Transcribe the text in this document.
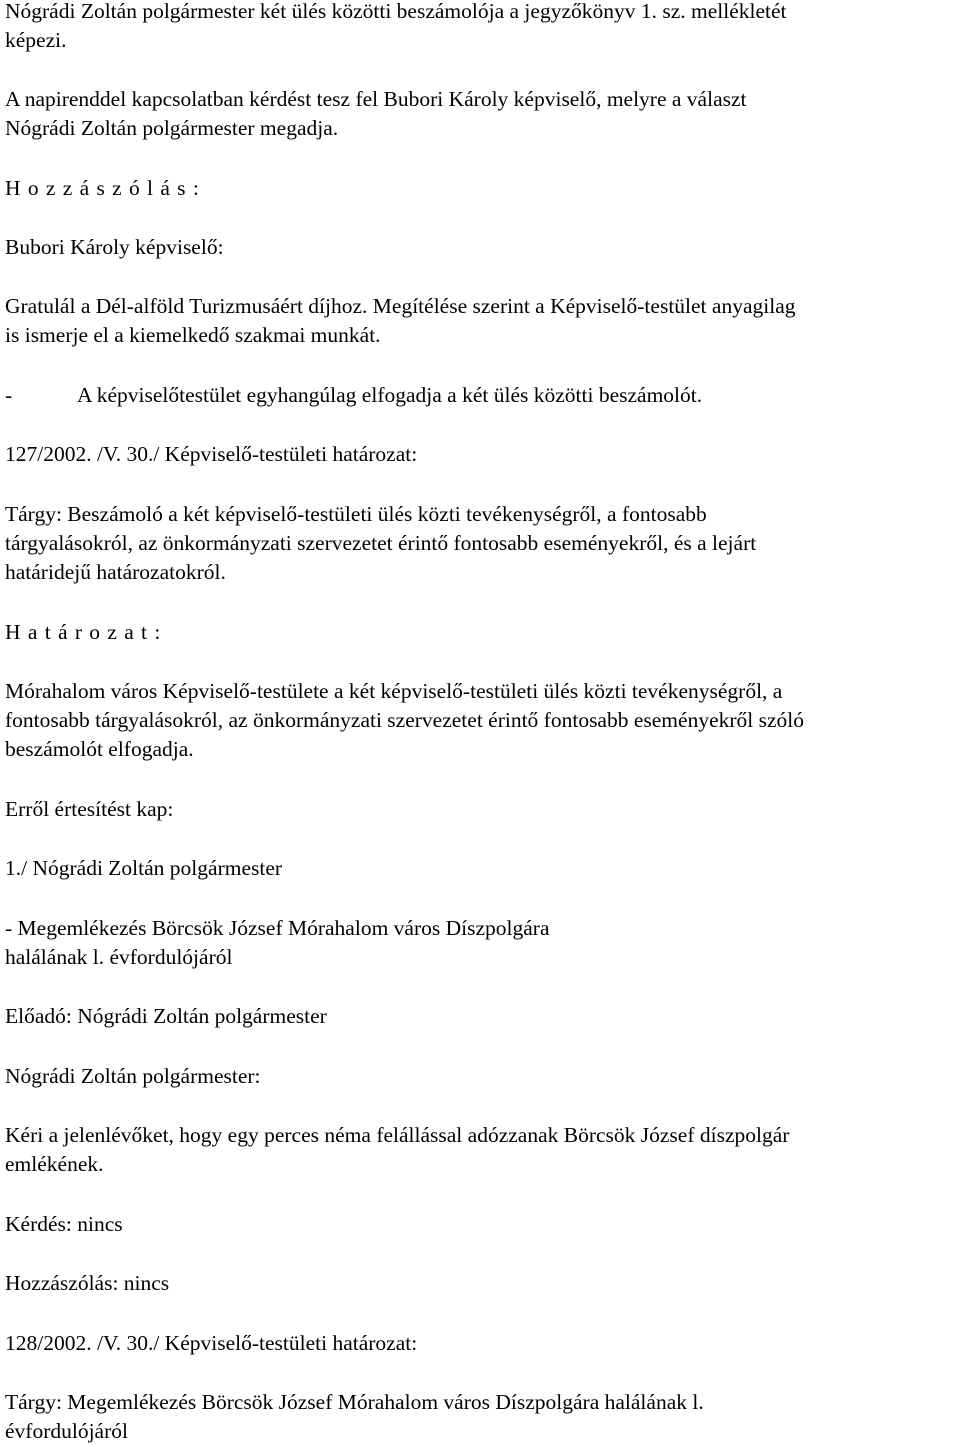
Nógrádi Zoltán polgármester két ülés közötti beszámolója a jegyzőkönyv 1. sz. mellékletét
képezi.
A napirenddel kapcsolatban kérdést tesz fel Bubori Károly képviselő, melyre a választ
Nógrádi Zoltán polgármester megadja.
Hozzászólás:
Bubori Károly képviselő:
Gratulál a Dél-alföld Turizmusáért díjhoz. Megítélése szerint a Képviselő-testület anyagilag
is ismerje el a kiemelkedő szakmai munkát.
-	A képviselőtestület egyhangúlag elfogadja a két ülés közötti beszámolót.
127/2002. /V. 30./ Képviselő-testületi határozat:
Tárgy: Beszámoló a két képviselő-testületi ülés közti tevékenységről, a fontosabb
tárgyalásokról, az önkormányzati szervezetet érintő fontosabb eseményekről, és a lejárt
határidejű határozatokról.
Határozat:
Mórahalom város Képviselő-testülete a két képviselő-testületi ülés közti tevékenységről, a
fontosabb tárgyalásokról, az önkormányzati szervezetet érintő fontosabb eseményekről szóló
beszámolót elfogadja.
Erről értesítést kap:
1./ Nógrádi Zoltán polgármester
- Megemlékezés Börcsök József Mórahalom város Díszpolgára
halálának l. évfordulójáról
Előadó: Nógrádi Zoltán polgármester
Nógrádi Zoltán polgármester:
Kéri a jelenlévőket, hogy egy perces néma felállással adózzanak Börcsök József díszpolgár
emlékének.
Kérdés: nincs
Hozzászólás: nincs
128/2002. /V. 30./ Képviselő-testületi határozat:
Tárgy: Megemlékezés Börcsök József Mórahalom város Díszpolgára halálának l.
évfordulójáról
